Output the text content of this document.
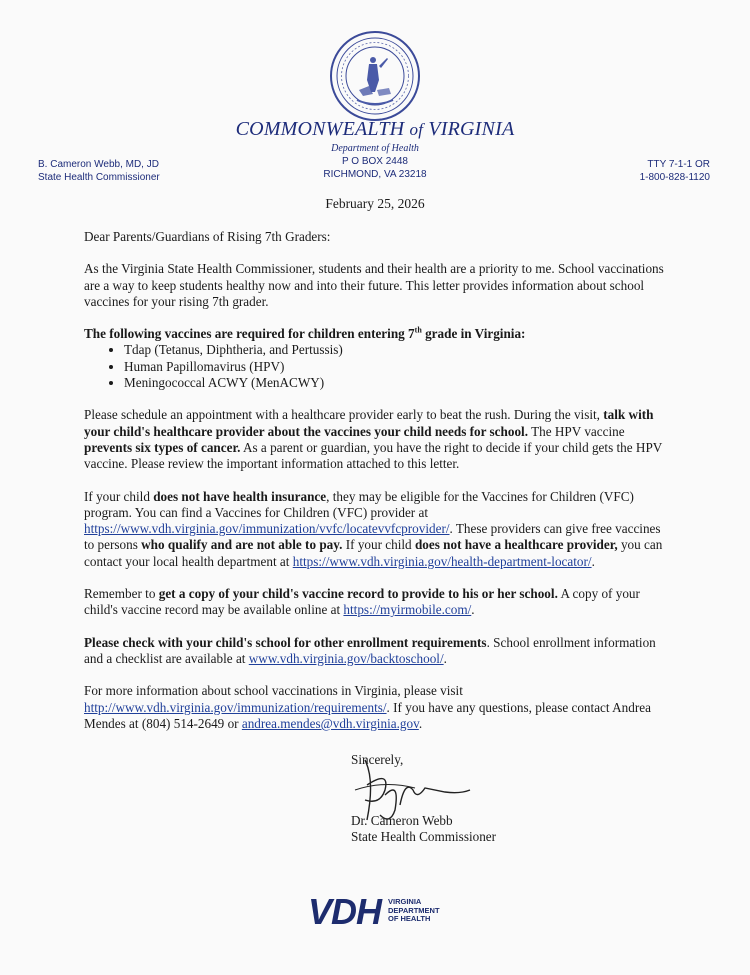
COMMONWEALTH of VIRGINIA
Department of Health
P O BOX 2448
RICHMOND, VA 23218
B. Cameron Webb, MD, JD
State Health Commissioner
TTY 7-1-1 OR
1-800-828-1120
February 25, 2026

Dear Parents/Guardians of Rising 7th Graders:

As the Virginia State Health Commissioner, students and their health are a priority to me. School vaccinations are a way to keep students healthy now and into their future. This letter provides information about school vaccines for your rising 7th grader.

The following vaccines are required for children entering 7th grade in Virginia:
• Tdap (Tetanus, Diphtheria, and Pertussis)
• Human Papillomavirus (HPV)
• Meningococcal ACWY (MenACWY)

Please schedule an appointment with a healthcare provider early to beat the rush. During the visit, talk with your child's healthcare provider about the vaccines your child needs for school. The HPV vaccine prevents six types of cancer. As a parent or guardian, you have the right to decide if your child gets the HPV vaccine. Please review the important information attached to this letter.

If your child does not have health insurance, they may be eligible for the Vaccines for Children (VFC) program. You can find a Vaccines for Children (VFC) provider at https://www.vdh.virginia.gov/immunization/vvfc/locatevvfcprovider/. These providers can give free vaccines to persons who qualify and are not able to pay. If your child does not have a healthcare provider, you can contact your local health department at https://www.vdh.virginia.gov/health-department-locator/.

Remember to get a copy of your child's vaccine record to provide to his or her school. A copy of your child's vaccine record may be available online at https://myirmobile.com/.

Please check with your child's school for other enrollment requirements. School enrollment information and a checklist are available at www.vdh.virginia.gov/backtoschool/.

For more information about school vaccinations in Virginia, please visit http://www.vdh.virginia.gov/immunization/requirements/. If you have any questions, please contact Andrea Mendes at (804) 514-2649 or andrea.mendes@vdh.virginia.gov.

Sincerely,
Dr. Cameron Webb
State Health Commissioner
VDH VIRGINIA
DEPARTMENT
OF HEALTH
